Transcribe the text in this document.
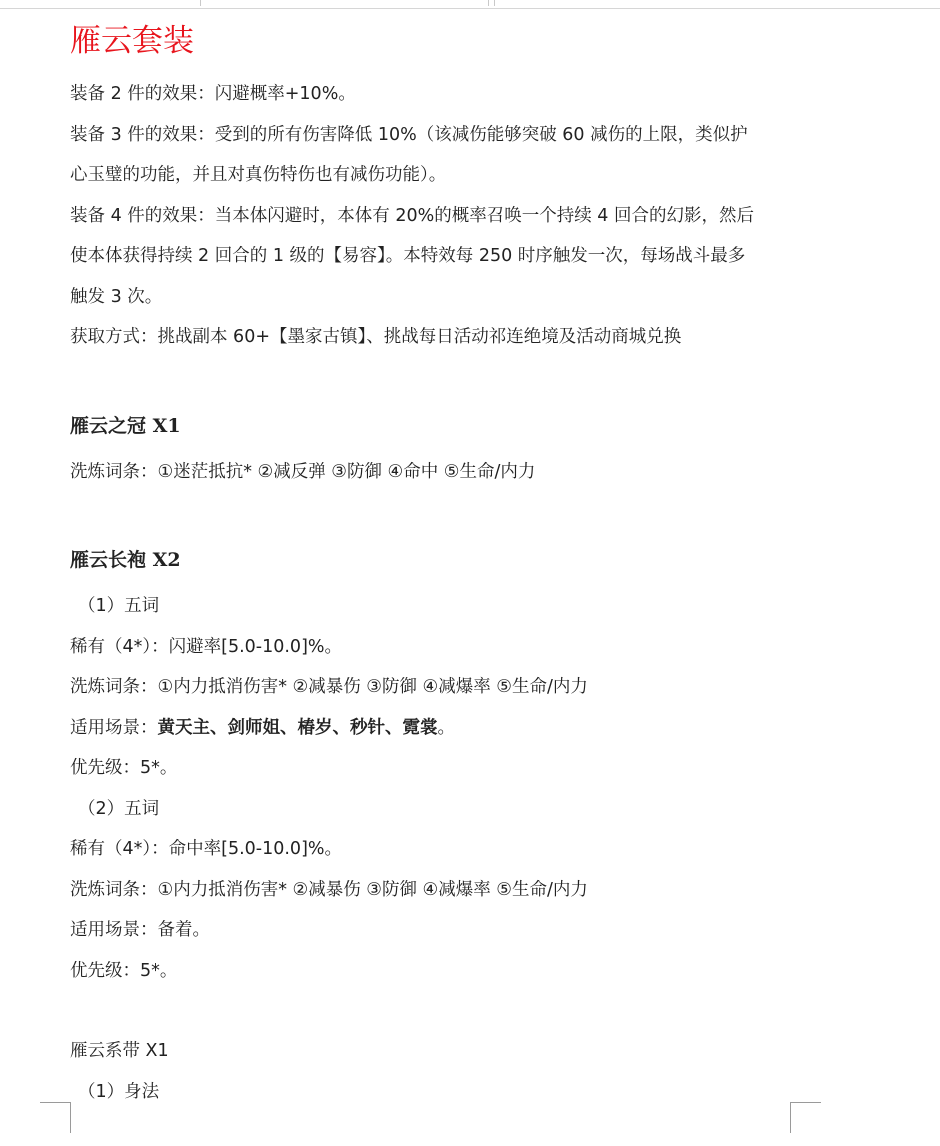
雁云套装

装备 2 件的效果：闪避概率+10%。

装备 3 件的效果：受到的所有伤害降低 10%（该减伤能够突破 60 减伤的上限，类似护

心玉璧的功能，并且对真伤特伤也有减伤功能）。

装备 4 件的效果：当本体闪避时，本体有 20%的概率召唤一个持续 4 回合的幻影，然后

使本体获得持续 2 回合的 1 级的【易容】。本特效每 250 时序触发一次，每场战斗最多

触发 3 次。

获取方式：挑战副本 60+【墨家古镇】、挑战每日活动祁连绝境及活动商城兑换

雁云之冠 X1

洗炼词条：①迷茫抵抗* ②减反弹 ③防御 ④命中 ⑤生命/内力

雁云长袍 X2

（1）五词

稀有（4*）：闪避率[5.0-10.0]%。

洗炼词条：①内力抵消伤害* ②减暴伤 ③防御 ④减爆率 ⑤生命/内力

适用场景：黄天主、剑师姐、椿岁、秒针、霓裳。

优先级：5*。

（2）五词

稀有（4*）：命中率[5.0-10.0]%。

洗炼词条：①内力抵消伤害* ②减暴伤 ③防御 ④减爆率 ⑤生命/内力

适用场景：备着。

优先级：5*。

雁云系带 X1

（1）身法
